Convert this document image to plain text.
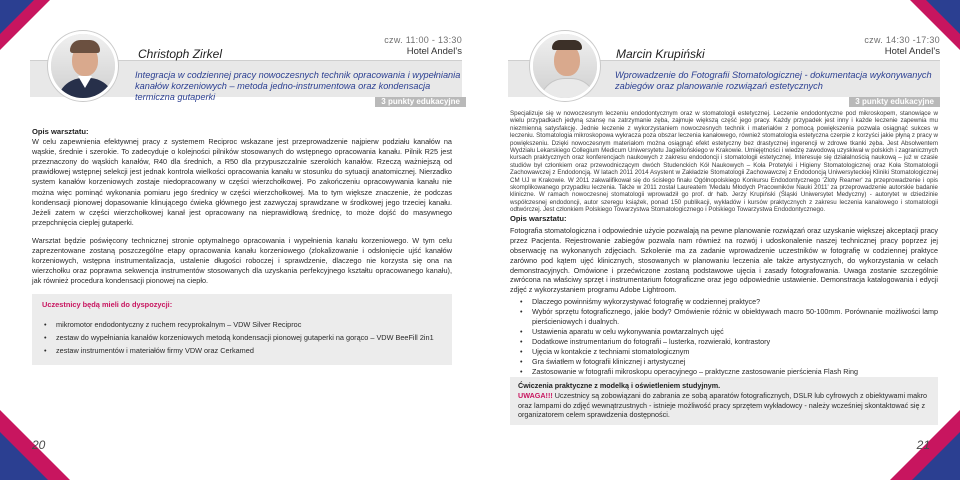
Christoph Zirkel
czw. 11:00 - 13:30
Hotel Andel’s
Integracja w codziennej pracy nowoczesnych technik opracowania i wypełniania kanałów korzeniowych – metoda jedno-instrumentowa oraz kondensacja termiczna gutaperki	3 punkty edukacyjne
Opis warsztatu:
W celu zapewnienia efektywnej pracy z systemem Reciproc wskazane jest przeprowadzenie najpierw podziału kanałów na wąskie, średnie i szerokie. To zadecyduje o kolejności pilników stosowanych do wstępnego opracowania kanału. Pilnik R25 jest przeznaczony do wąskich kanałów, R40 dla średnich, a R50 dla przypuszczalnie szerokich kanałów. Rzeczą ważniejszą od prawidłowej wstępnej selekcji jest jednak kontrola wielkości opracowania kanału w stosunku do sytuacji anatomicznej. Nierzadko system kanałów korzeniowych zostaje niedopracowany w części wierzchołkowej. Po zakończeniu opracowywania kanału nie można więc pominąć wykonania pomiaru jego średnicy w części wierzchołkowej. Ma to tym większe znaczenie, że podczas kondensacji pionowej dopasowanie klinującego ćwieka głównego jest zazwyczaj sprawdzane w środkowej jego trzeciej kanału. Jeżeli zatem w części wierzchołkowej kanał jest opracowany na nieprawidłową średnicę, to może dojść do masywnego przepchnięcia cieplej gutaperki.
Warsztat będzie poświęcony technicznej stronie optymalnego opracowania i wypełnienia kanału korzeniowego. W tym celu zaprezentowane zostaną poszczególne etapy opracowania kanału korzeniowego (zlokalizowanie i odsłonięcie ujść kanałów korzeniowych, wstępna instrumentalizacja, ustalenie długości roboczej i sprawdzenie, dlaczego nie korzysta się ona na wierzchołku oraz poprawna sekwencja instrumentów stosowanych dla uzyskania perfekcyjnego kształtu opracowanego kanału), jak również procedura kondensacji pionowej na ciepło.
Uczestnicy będą mieli do dyspozycji:
• mikromotor endodontyczny z ruchem recyprokalnym – VDW Silver Reciproc
• zestaw do wypełniania kanałów korzeniowych metodą kondensacji pionowej gutaperki na gorąco – VDW BeeFill 2in1
• zestaw instrumentów i materiałów firmy VDW oraz Cerkamed
20
Marcin Krupiński
czw. 14:30 -17:30
Hotel Andel’s
Wprowadzenie do Fotografii Stomatologicznej - dokumentacja wykonywanych zabiegów oraz planowanie rozwiązań estetycznych
3 punkty edukacyjne
Specjalizuje się w nowoczesnym leczeniu endodontycznym oraz w stomatologii estetycznej. Leczenie endodontyczne pod mikroskopem, stanowiące w wielu przypadkach jedyną szansę na zatrzymanie zęba, zajmuje większą część jego pracy. Każdy przypadek jest inny i każde leczenie zapewnia mu niezmienną satysfakcję. Jednie leczenie z wykorzystaniem nowoczesnych technik i materiałów z pomocą powiększenia pozwala osiągnąć sukces w leczeniu. Stomatologia mikroskopowa wykracza poza obszar leczenia kanałowego, również stomatologia estetyczna czerpie z korzyści jakie płyną z pracy w powiększeniu. Dzięki nowoczesnym materiałom można osiągnąć efekt estetyczny bez drastycznej ingerencji w zdrowe tkanki zęba. Jest Absolwentem Wydziału Lekarskiego Collegium Medicum Uniwersytetu Jagiellońskiego w Krakowie. Umiejętności i wiedzę zawodową uzyskiwał w polskich i zagranicznych kursach praktycznych oraz konferencjach naukowych z zakresu endodoncji i stomatologii estetycznej. Interesuje się działalnością naukową – już w czasie studiów był członkiem oraz przewodniczącym dwóch Studenckich Kół Naukowych – Koła Protetyki i Higieny Stomatologicznej oraz Koła Stomatologii Zachowawczej z Endodoncją. W latach 2011 2014 Asystent w Zakładzie Stomatologii Zachowawczej z Endodoncją Uniwersyteckiej Kliniki Stomatologicznej CM UJ w Krakowie. W 2011 zakwalifikował się do ścisłego finału Ogólnopolskiego Konkursu Endodontycznego 'Zloty Reamer' za przeprowadzenie i opis skomplikowanego przypadku leczenia. Także w 2011 został Laureatem 'Medalu Młodych Pracowników Nauki 2011' za przeprowadzenie autorskie badanie kliniczne. W ramach nowoczesnej stomatologii wprowadził go prof. dr hab. Jerzy Krupiński (Śląski Uniwersytet Medyczny) - autorytet w dziedzinie współczesnej endodoncji, autor szeregu książek, ponad 150 publikacji, wykładów i kursów praktycznych z zakresu leczenia kanałowego i stomatologii odtwórczej. Jest członkiem Polskiego Towarzystwa Stomatologicznego i Polskiego Towarzystwa Endodontycznego.
Opis warsztatu:
Fotografia stomatologiczna i odpowiednie użycie pozwalają na pewne planowanie rozwiązań oraz uzyskanie większej akceptacji pracy przez Pacjenta. Rejestrowanie zabiegów pozwala nam również na rozwój i udoskonalenie naszej technicznej pracy poprzez jej obserwację na wykonanych zdjęciach. Szkolenie ma za zadanie wprowadzenie uczestników w fotografię w codziennej praktyce zarówno pod kątem ujęć klinicznych, stosowanych w planowaniu leczenia ale także artystycznych, do wykorzystania w celach demonstracyjnych. Omówione i przećwiczone zostaną podstawowe ujęcia i zasady fotografowania. Uwaga zostanie szczególnie zwrócona na właściwy sprzęt i instrumentarium fotograficzne oraz jego odpowiednie ustawienie. Demonstracja katalogowania i edycji zdjęć z wykorzystaniem programu Adobe Lightroom.
• Dlaczego powinniśmy wykorzystywać fotografię w codziennej praktyce?
• Wybór sprzętu fotograficznego, jakie body? Omówienie różnic w obiektywach macro 50-100mm. Porównanie możliwości lamp pierścieniowych i dualnych.
• Ustawienia aparatu w celu wykonywania powtarzalnych ujęć
• Dodatkowe instrumentarium do fotografii – lusterka, rozwieraki, kontrastory
• Ujęcia w kontakcie z techniami stomatologicznym
• Gra światłem w fotografii klinicznej i artystycznej
• Zastosowanie w fotografii mikroskopu operacyjnego – praktyczne zastosowanie pierścienia Flash Ring
Ćwiczenia praktyczne z modelką i oświetleniem studyjnym.
UWAGA!!! Uczestnicy są zobowiązani do zabrania ze sobą aparatów fotograficznych, DSLR lub cyfrowych z obiektywami makro oraz lampami do zdjęć wewnątrzustnych - istnieje możliwość pracy sprzętem wykładowcy - należy wcześniej skontaktować się z organizatorem celem sprawdzenia dostępności.
21
